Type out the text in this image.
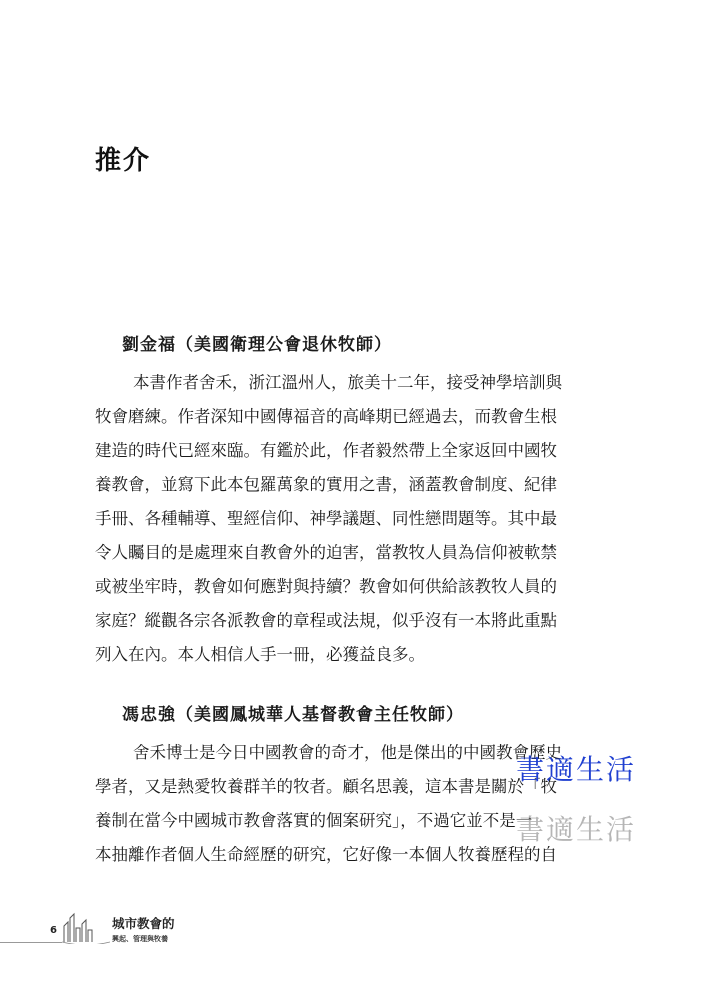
推介
劉金福（美國衛理公會退休牧師）
本書作者舍禾，浙江溫州人，旅美十二年，接受神學培訓與
牧會磨練。作者深知中國傳福音的高峰期已經過去，而教會生根
建造的時代已經來臨。有鑑於此，作者毅然帶上全家返回中國牧
養教會，並寫下此本包羅萬象的實用之書，涵蓋教會制度、紀律
手冊、各種輔導、聖經信仰、神學議題、同性戀問題等。其中最
令人矚目的是處理來自教會外的迫害，當教牧人員為信仰被軟禁
或被坐牢時，教會如何應對與持續？教會如何供給該教牧人員的
家庭？縱觀各宗各派教會的章程或法規，似乎沒有一本將此重點
列入在內。本人相信人手一冊，必獲益良多。
馮忠強（美國鳳城華人基督教會主任牧師）
舍禾博士是今日中國教會的奇才，他是傑出的中國教會歷史
學者，又是熱愛牧養群羊的牧者。顧名思義，這本書是關於「牧
養制在當今中國城市教會落實的個案研究」，不過它並不是一
本抽離作者個人生命經歷的研究，它好像一本個人牧養歷程的自
書適生活
書適生活
6	城市教會的
興起、管理與牧養
